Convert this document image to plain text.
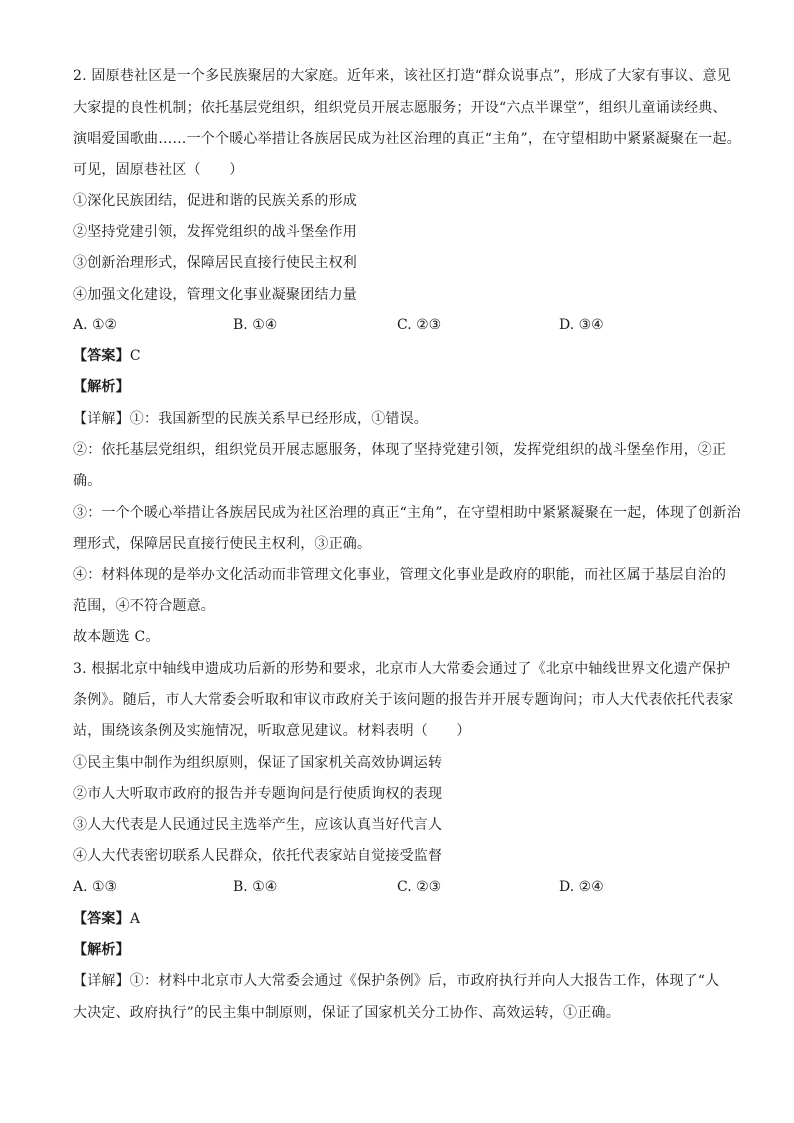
2. 固原巷社区是一个多民族聚居的大家庭。近年来，该社区打造“群众说事点”，形成了大家有事议、意见
大家提的良性机制；依托基层党组织，组织党员开展志愿服务；开设“六点半课堂”，组织儿童诵读经典、
演唱爱国歌曲……一个个暖心举措让各族居民成为社区治理的真正“主角”，在守望相助中紧紧凝聚在一起。
可见，固原巷社区（　　）
①深化民族团结，促进和谐的民族关系的形成
②坚持党建引领，发挥党组织的战斗堡垒作用
③创新治理形式，保障居民直接行使民主权利
④加强文化建设，管理文化事业凝聚团结力量
A. ①②	B. ①④	C. ②③	D. ③④
【答案】C
【解析】
【详解】①：我国新型的民族关系早已经形成，①错误。
②：依托基层党组织，组织党员开展志愿服务，体现了坚持党建引领，发挥党组织的战斗堡垒作用，②正
确。
③：一个个暖心举措让各族居民成为社区治理的真正“主角”，在守望相助中紧紧凝聚在一起，体现了创新治
理形式，保障居民直接行使民主权利，③正确。
④：材料体现的是举办文化活动而非管理文化事业，管理文化事业是政府的职能，而社区属于基层自治的
范围，④不符合题意。
故本题选 C。
3. 根据北京中轴线申遗成功后新的形势和要求，北京市人大常委会通过了《北京中轴线世界文化遗产保护
条例》。随后，市人大常委会听取和审议市政府关于该问题的报告并开展专题询问；市人大代表依托代表家
站，围绕该条例及实施情况，听取意见建议。材料表明（　　）
①民主集中制作为组织原则，保证了国家机关高效协调运转
②市人大听取市政府的报告并专题询问是行使质询权的表现
③人大代表是人民通过民主选举产生，应该认真当好代言人
④人大代表密切联系人民群众，依托代表家站自觉接受监督
A. ①③	B. ①④	C. ②③	D. ②④
【答案】A
【解析】
【详解】①：材料中北京市人大常委会通过《保护条例》后，市政府执行并向人大报告工作，体现了“人
大决定、政府执行”的民主集中制原则，保证了国家机关分工协作、高效运转，①正确。
